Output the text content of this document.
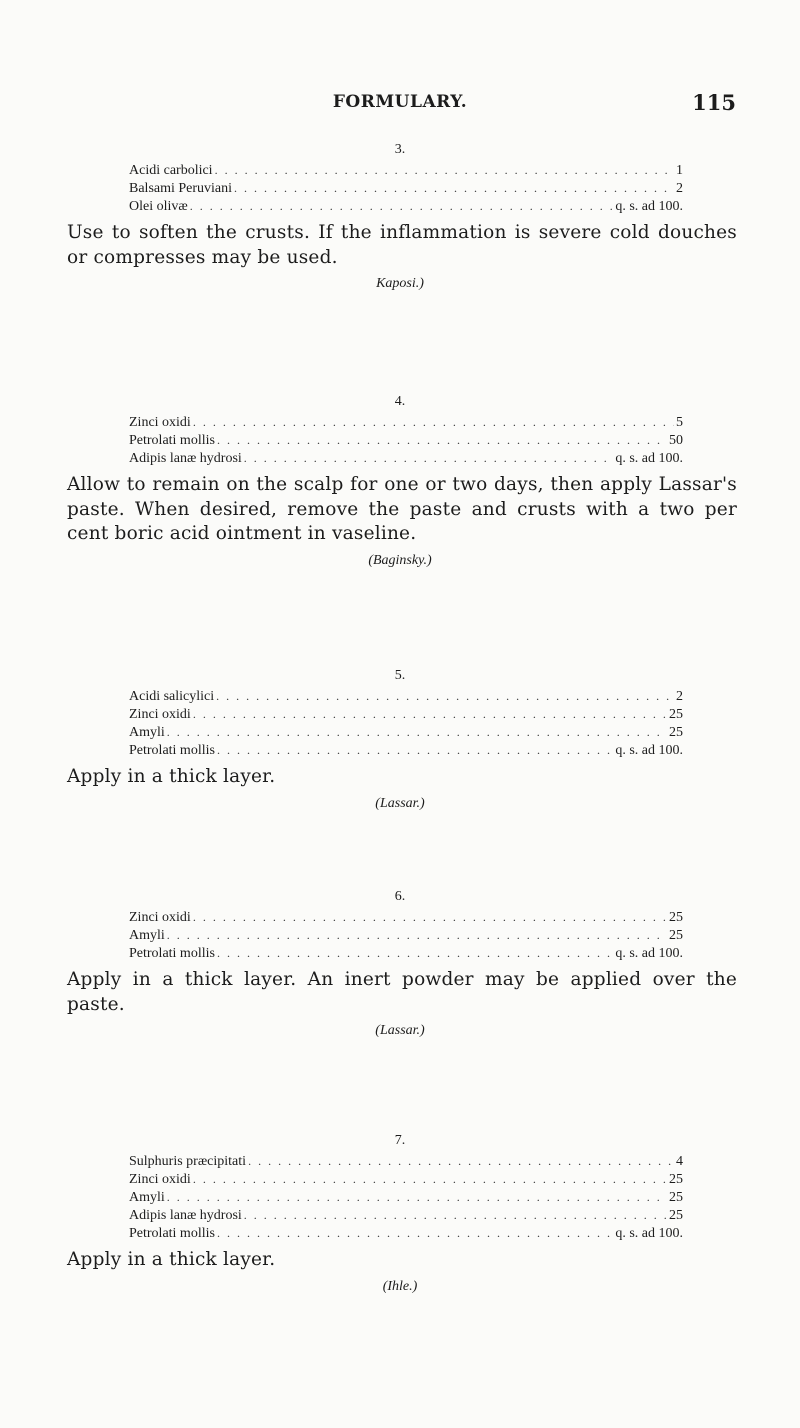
FORMULARY.	115
3.
Acidi carbolici . . .	1
Balsami Peruviani . . .	2
Olei olivæ . . .	q. s. ad 100.
Use to soften the crusts. If the inflammation is severe cold douches or compresses may be used.
Kaposi.)
4.
Zinci oxidi . . .	5
Petrolati mollis . . .	50
Adipis lanæ hydrosi . . .	q. s. ad 100.
Allow to remain on the scalp for one or two days, then apply Lassar's paste. When desired, remove the paste and crusts with a two per cent boric acid ointment in vaseline.
(Baginsky.)
5.
Acidi salicylici . . .	2
Zinci oxidi . . .	25
Amyli . . .	25
Petrolati mollis . . .	q. s. ad 100.
Apply in a thick layer.
(Lassar.)
6.
Zinci oxidi . . .	25
Amyli . . .	25
Petrolati mollis . . .	q. s. ad 100.
Apply in a thick layer. An inert powder may be applied over the paste.
(Lassar.)
7.
Sulphuris præcipitati . . .	4
Zinci oxidi . . .	25
Amyli . . .	25
Adipis lanæ hydrosi . . .	25
Petrolati mollis . . .	q. s. ad 100.
Apply in a thick layer.
(Ihle.)
